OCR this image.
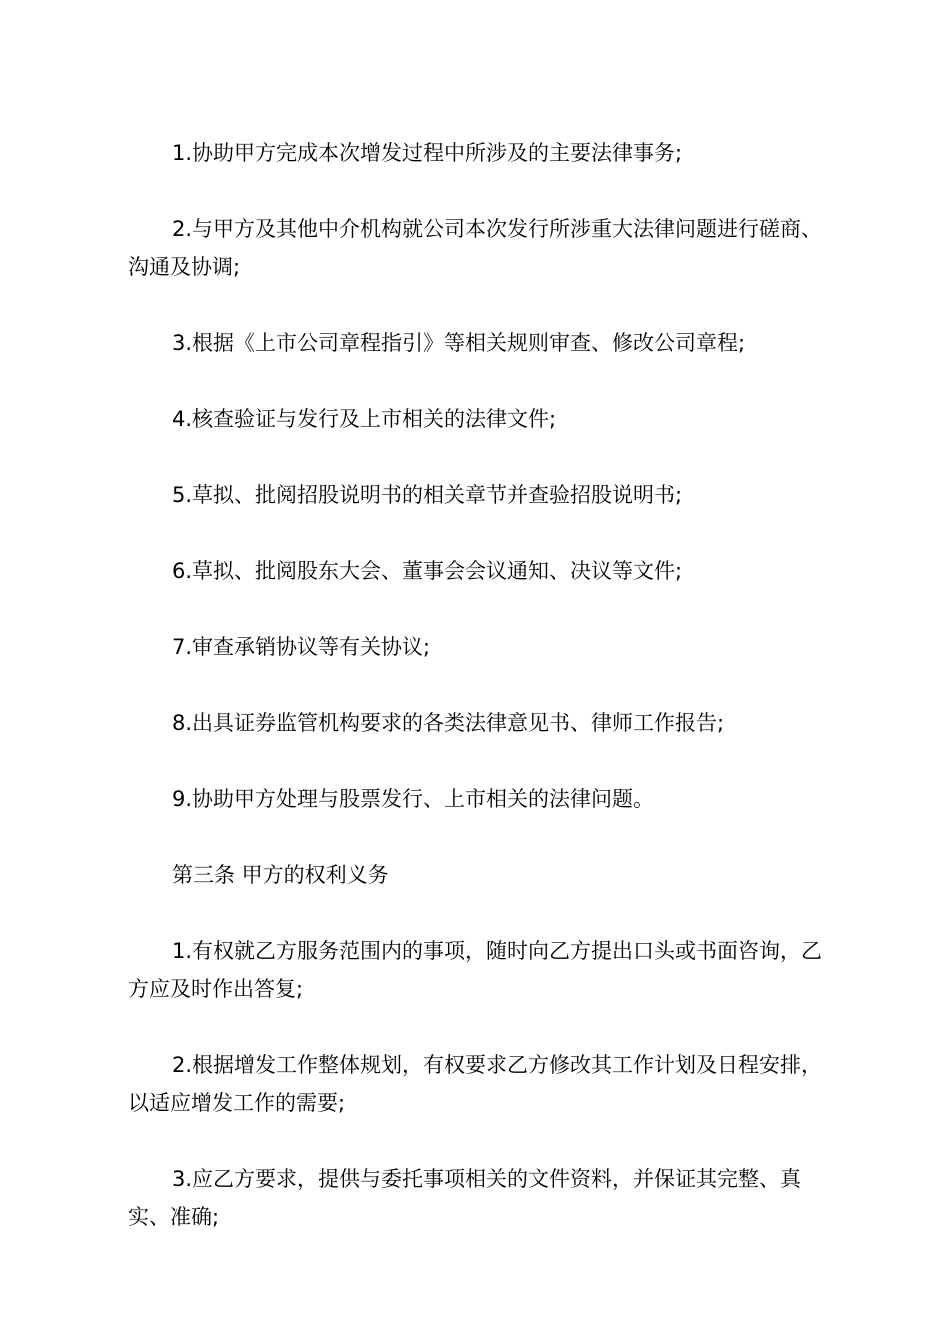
1.协助甲方完成本次增发过程中所涉及的主要法律事务;

2.与甲方及其他中介机构就公司本次发行所涉重大法律问题进行磋商、沟通及协调;

3.根据《上市公司章程指引》等相关规则审查、修改公司章程;

4.核查验证与发行及上市相关的法律文件;

5.草拟、批阅招股说明书的相关章节并查验招股说明书;

6.草拟、批阅股东大会、董事会会议通知、决议等文件;

7.审查承销协议等有关协议;

8.出具证券监管机构要求的各类法律意见书、律师工作报告;

9.协助甲方处理与股票发行、上市相关的法律问题。

第三条 甲方的权利义务

1.有权就乙方服务范围内的事项，随时向乙方提出口头或书面咨询，乙方应及时作出答复;

2.根据增发工作整体规划，有权要求乙方修改其工作计划及日程安排，以适应增发工作的需要;

3.应乙方要求，提供与委托事项相关的文件资料，并保证其完整、真实、准确;
